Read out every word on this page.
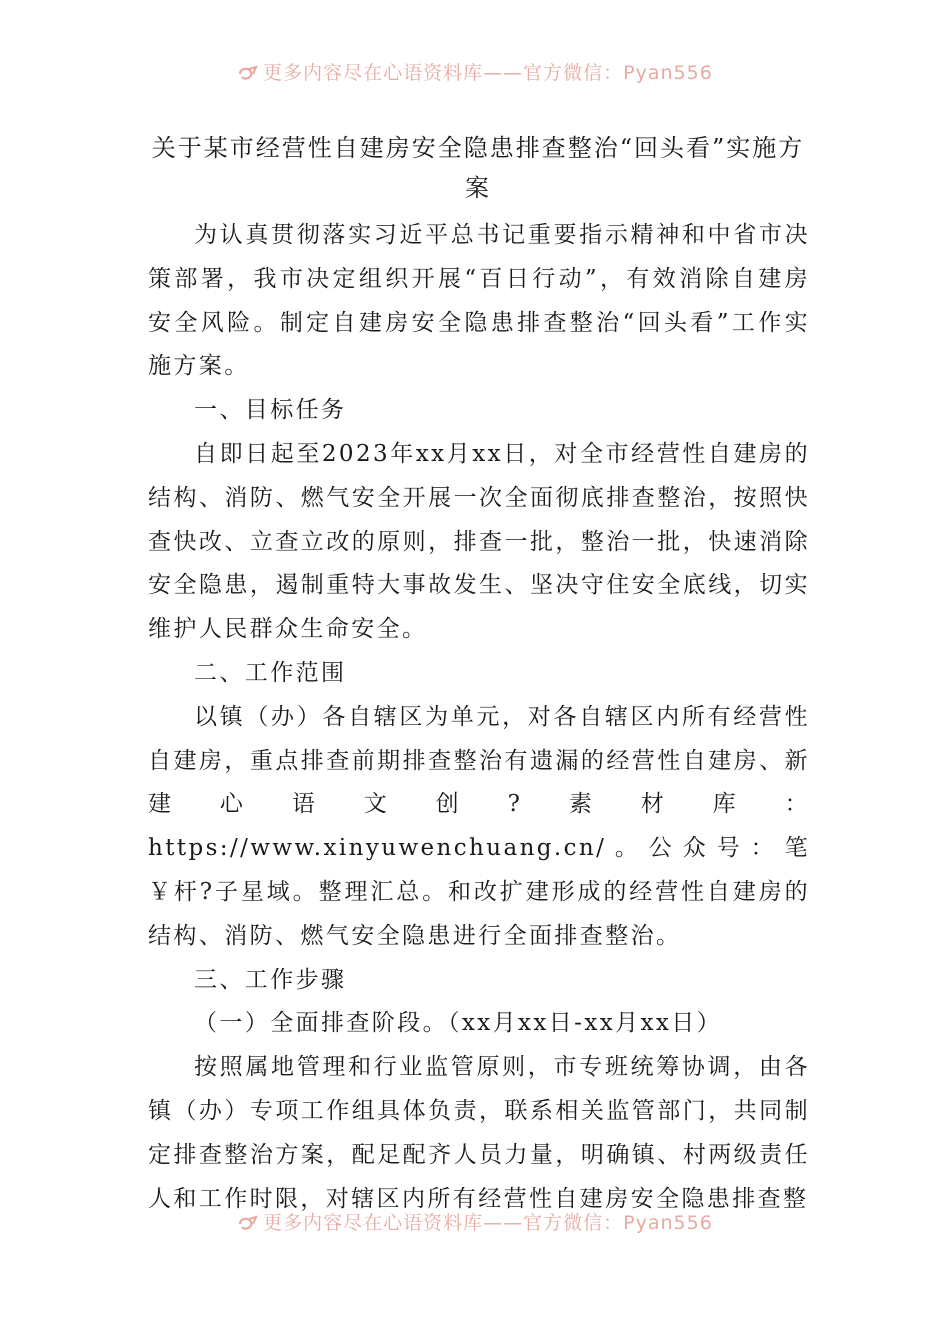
更多内容尽在心语资料库——官方微信：Pyan556
关于某市经营性自建房安全隐患排查整治“回头看”实施方案

为认真贯彻落实习近平总书记重要指示精神和中省市决策部署，我市决定组织开展“百日行动”，有效消除自建房安全风险。制定自建房安全隐患排查整治“回头看”工作实施方案。

一、目标任务

自即日起至2023年xx月xx日，对全市经营性自建房的结构、消防、燃气安全开展一次全面彻底排查整治，按照快查快改、立查立改的原则，排查一批，整治一批，快速消除安全隐患，遏制重特大事故发生、坚决守住安全底线，切实维护人民群众生命安全。

二、工作范围

以镇（办）各自辖区为单元，对各自辖区内所有经营性自建房，重点排查前期排查整治有遗漏的经营性自建房、新建心语文创?素材库：https://www.xinyuwenchuang.cn/。公众号：笔￥杆?子星域。整理汇总。和改扩建形成的经营性自建房的结构、消防、燃气安全隐患进行全面排查整治。

三、工作步骤

（一）全面排查阶段。（xx月xx日-xx月xx日）

按照属地管理和行业监管原则，市专班统筹协调，由各镇（办）专项工作组具体负责，联系相关监管部门，共同制定排查整治方案，配足配齐人员力量，明确镇、村两级责任人和工作时限，对辖区内所有经营性自建房安全隐患排查整

更多内容尽在心语资料库——官方微信：Pyan556
